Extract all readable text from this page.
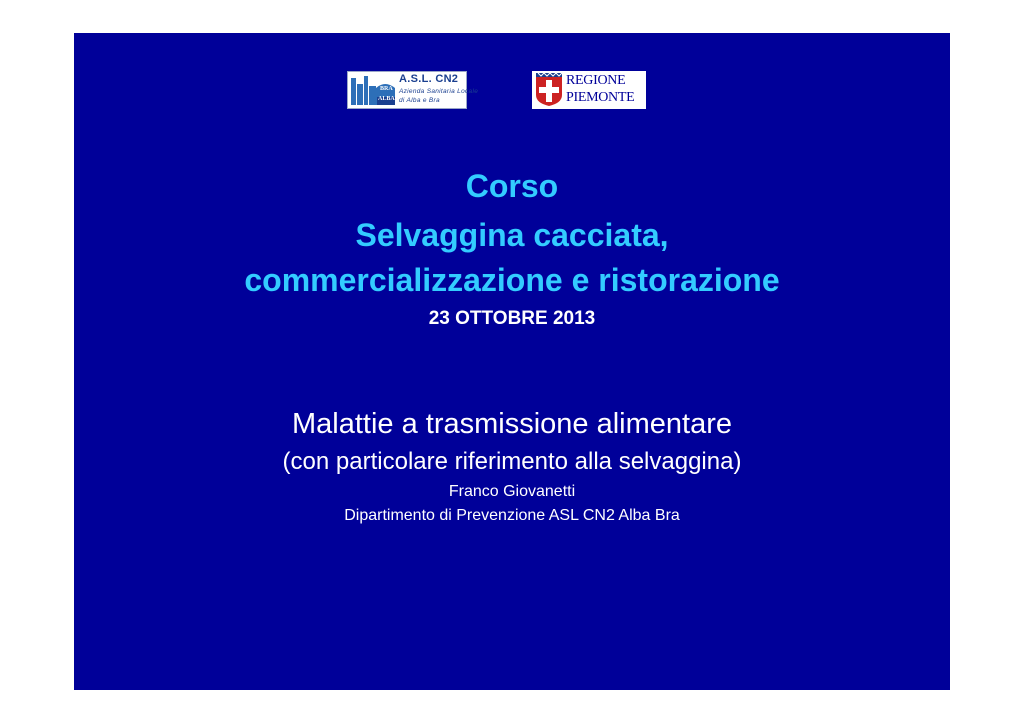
BRA
ALBA
A.S.L. CN2
Azienda Sanitaria Locale
di Alba e Bra
REGIONE
PIEMONTE
Corso
Selvaggina cacciata,
commercializzazione e ristorazione
23 OTTOBRE 2013
Malattie a trasmissione alimentare
(con particolare riferimento alla selvaggina)
Franco Giovanetti
Dipartimento di Prevenzione ASL CN2 Alba Bra
